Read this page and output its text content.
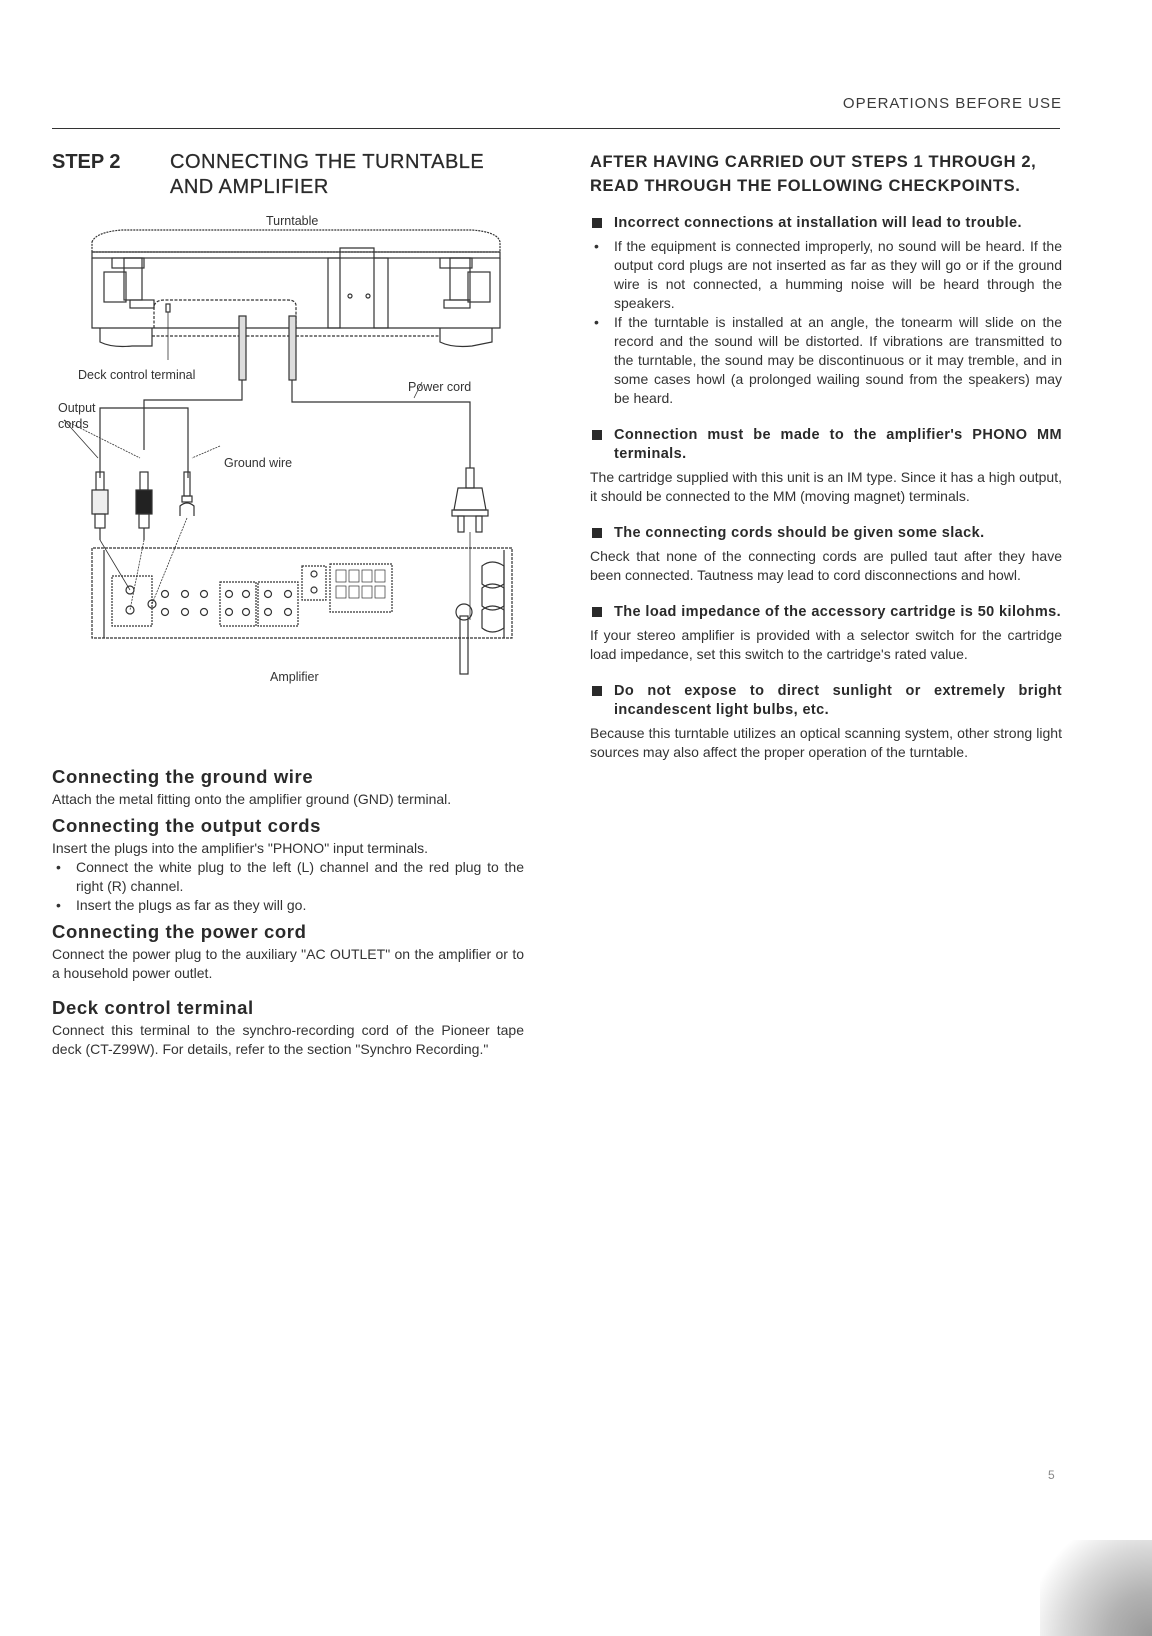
OPERATIONS BEFORE USE
STEP 2	CONNECTING THE TURNTABLE AND AMPLIFIER
Turntable
Deck control terminal
Power cord
Output cords
Ground wire
Amplifier
Connecting the ground wire

Attach the metal fitting onto the amplifier ground (GND) terminal.

Connecting the output cords

Insert the plugs into the amplifier's "PHONO" input terminals.

• Connect the white plug to the left (L) channel and the red plug to the right (R) channel.
• Insert the plugs as far as they will go.
Connecting the power cord

Connect the power plug to the auxiliary "AC OUTLET" on the amplifier or to a household power outlet.

Deck control terminal

Connect this terminal to the synchro-recording cord of the Pioneer tape deck (CT-Z99W). For details, refer to the section "Synchro Recording."

AFTER HAVING CARRIED OUT STEPS 1 THROUGH 2, READ THROUGH THE FOLLOWING CHECKPOINTS.
Incorrect connections at installation will lead to trouble.
• If the equipment is connected improperly, no sound will be heard. If the output cord plugs are not inserted as far as they will go or if the ground wire is not connected, a humming noise will be heard through the speakers.
• If the turntable is installed at an angle, the tonearm will slide on the record and the sound will be distorted. If vibrations are transmitted to the turntable, the sound may be discontinuous or it may tremble, and in some cases howl (a prolonged wailing sound from the speakers) may be heard.
Connection must be made to the amplifier's PHONO MM terminals.

The cartridge supplied with this unit is an IM type. Since it has a high output, it should be connected to the MM (moving magnet) terminals.

The connecting cords should be given some slack.

Check that none of the connecting cords are pulled taut after they have been connected. Tautness may lead to cord disconnections and howl.

The load impedance of the accessory cartridge is 50 kilohms.

If your stereo amplifier is provided with a selector switch for the cartridge load impedance, set this switch to the cartridge's rated value.

Do not expose to direct sunlight or extremely bright incandescent light bulbs, etc.

Because this turntable utilizes an optical scanning system, other strong light sources may also affect the proper operation of the turntable.

5
